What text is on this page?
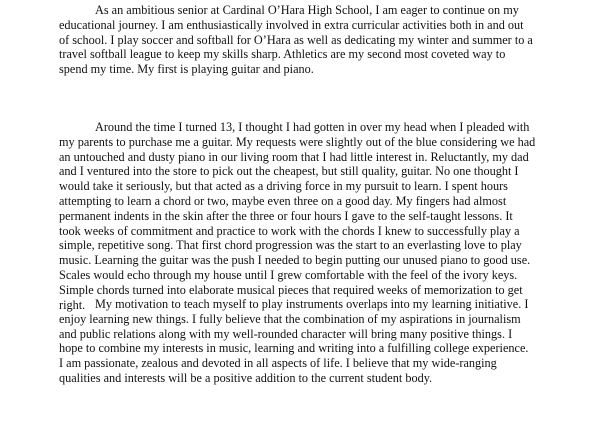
As an ambitious senior at Cardinal O’Hara High School, I am eager to continue on my
educational journey. I am enthusiastically involved in extra curricular activities both in and out
of school. I play soccer and softball for O’Hara as well as dedicating my winter and summer to a
travel softball league to keep my skills sharp. Athletics are my second most coveted way to
spend my time. My first is playing guitar and piano.

Around the time I turned 13, I thought I had gotten in over my head when I pleaded with
my parents to purchase me a guitar. My requests were slightly out of the blue considering we had
an untouched and dusty piano in our living room that I had little interest in. Reluctantly, my dad
and I ventured into the store to pick out the cheapest, but still quality, guitar. No one thought I
would take it seriously, but that acted as a driving force in my pursuit to learn. I spent hours
attempting to learn a chord or two, maybe even three on a good day. My fingers had almost
permanent indents in the skin after the three or four hours I gave to the self-taught lessons. It
took weeks of commitment and practice to work with the chords I knew to successfully play a
simple, repetitive song. That first chord progression was the start to an everlasting love to play
music. Learning the guitar was the push I needed to begin putting our unused piano to good use.
Scales would echo through my house until I grew comfortable with the feel of the ivory keys.
Simple chords turned into elaborate musical pieces that required weeks of memorization to get
right. My motivation to teach myself to play instruments overlaps into my learning initiative. I
enjoy learning new things. I fully believe that the combination of my aspirations in journalism
and public relations along with my well-rounded character will bring many positive things. I
hope to combine my interests in music, learning and writing into a fulfilling college experience.
I am passionate, zealous and devoted in all aspects of life. I believe that my wide-ranging
qualities and interests will be a positive addition to the current student body.
